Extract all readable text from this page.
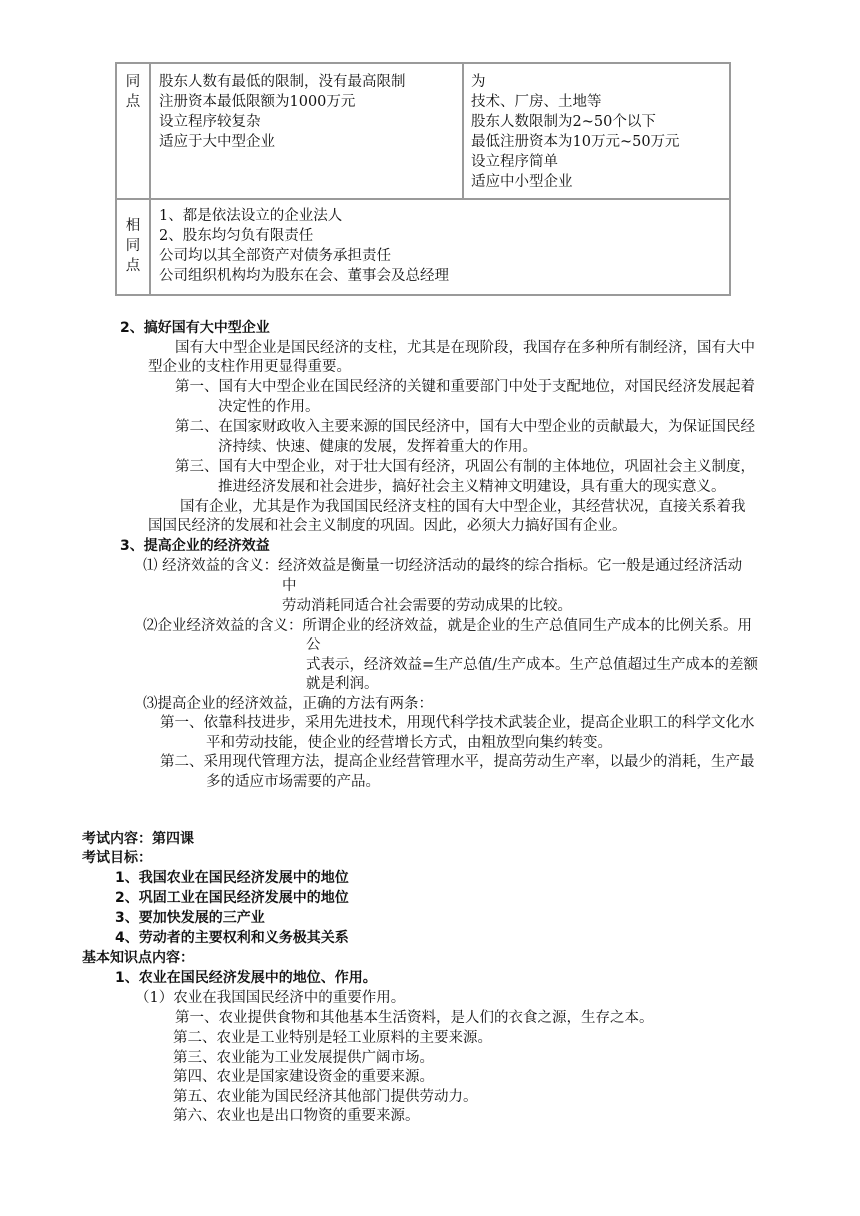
同
点
股东人数有最低的限制，没有最高限制
注册资本最低限额为1000万元
设立程序较复杂
适应于大中型企业
为
技术、厂房、土地等
股东人数限制为2~50个以下
最低注册资本为10万元~50万元
设立程序简单
适应中小型企业
相
同
点
1、都是依法设立的企业法人
2、股东均匀负有限责任
公司均以其全部资产对债务承担责任
公司组织机构均为股东在会、董事会及总经理
2、搞好国有大中型企业
国有大中型企业是国民经济的支柱，尤其是在现阶段，我国存在多种所有制经济，国有大中
型企业的支柱作用更显得重要。
第一、国有大中型企业在国民经济的关键和重要部门中处于支配地位，对国民经济发展起着
决定性的作用。
第二、在国家财政收入主要来源的国民经济中，国有大中型企业的贡献最大，为保证国民经
济持续、快速、健康的发展，发挥着重大的作用。
第三、国有大中型企业，对于壮大国有经济，巩固公有制的主体地位，巩固社会主义制度，
推进经济发展和社会进步，搞好社会主义精神文明建设，具有重大的现实意义。
国有企业，尤其是作为我国国民经济支柱的国有大中型企业，其经营状况，直接关系着我
国国民经济的发展和社会主义制度的巩固。因此，必须大力搞好国有企业。
3、提高企业的经济效益
⑴ 经济效益的含义：经济效益是衡量一切经济活动的最终的综合指标。它一般是通过经济活动
中
劳动消耗同适合社会需要的劳动成果的比较。
⑵企业经济效益的含义：所谓企业的经济效益，就是企业的生产总值同生产成本的比例关系。用
公
式表示，经济效益=生产总值/生产成本。生产总值超过生产成本的差额
就是利润。
⑶提高企业的经济效益，正确的方法有两条：
第一、依靠科技进步，采用先进技术，用现代科学技术武装企业，提高企业职工的科学文化水
平和劳动技能，使企业的经营增长方式，由粗放型向集约转变。
第二、采用现代管理方法，提高企业经营管理水平，提高劳动生产率，以最少的消耗，生产最
多的适应市场需要的产品。
考试内容：第四课
考试目标：
1、我国农业在国民经济发展中的地位
2、巩固工业在国民经济发展中的地位
3、要加快发展的三产业
4、劳动者的主要权利和义务极其关系
基本知识点内容：
1、农业在国民经济发展中的地位、作用。
（1）农业在我国国民经济中的重要作用。
第一、农业提供食物和其他基本生活资料，是人们的衣食之源，生存之本。
第二、农业是工业特别是轻工业原料的主要来源。
第三、农业能为工业发展提供广阔市场。
第四、农业是国家建设资金的重要来源。
第五、农业能为国民经济其他部门提供劳动力。
第六、农业也是出口物资的重要来源。
